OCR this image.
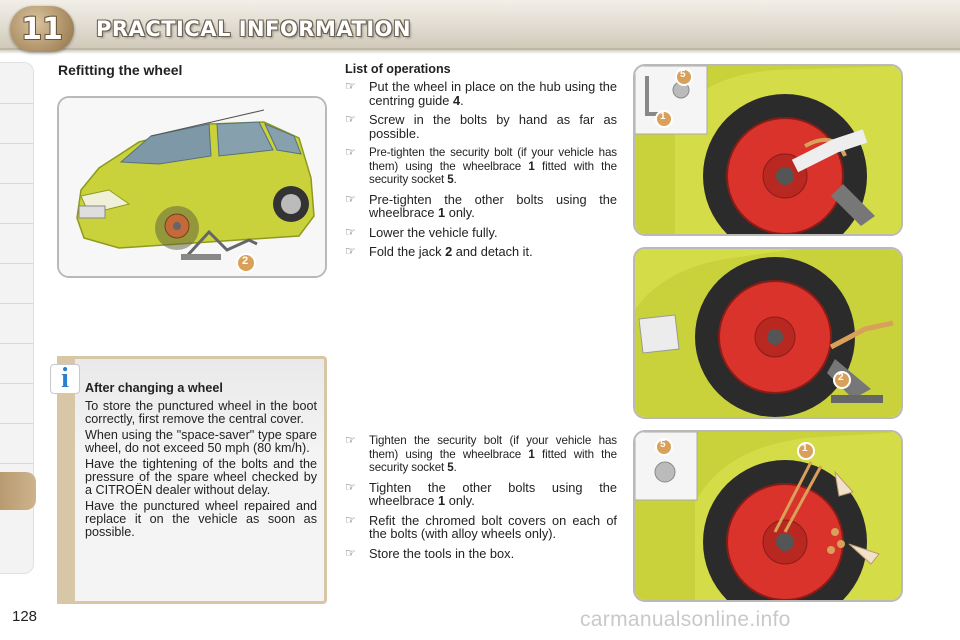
11	PRACTICAL INFORMATION
128
Refitting the wheel
2
i After changing a wheel

To store the punctured wheel in the boot correctly, first remove the central cover.

When using the "space-saver" type spare wheel, do not exceed 50 mph (80 km/h).

Have the tightening of the bolts and the pressure of the spare wheel checked by a CITROËN dealer without delay.

Have the punctured wheel repaired and replace it on the vehicle as soon as possible.

List of operations
☞ Put the wheel in place on the hub using the centring guide 4.
☞ Screw in the bolts by hand as far as possible.
☞ Pre-tighten the security bolt (if your vehicle has them) using the wheelbrace 1 fitted with the security socket 5.
☞ Pre-tighten the other bolts using the wheelbrace 1 only.
☞ Lower the vehicle fully.
☞ Fold the jack 2 and detach it.
☞ Tighten the security bolt (if your vehicle has them) using the wheelbrace 1 fitted with the security socket 5.
☞ Tighten the other bolts using the wheelbrace 1 only.
☞ Refit the chromed bolt covers on each of the bolts (with alloy wheels only).
☞ Store the tools in the box.
5
1
2
5	1
carmanualsonline.info
